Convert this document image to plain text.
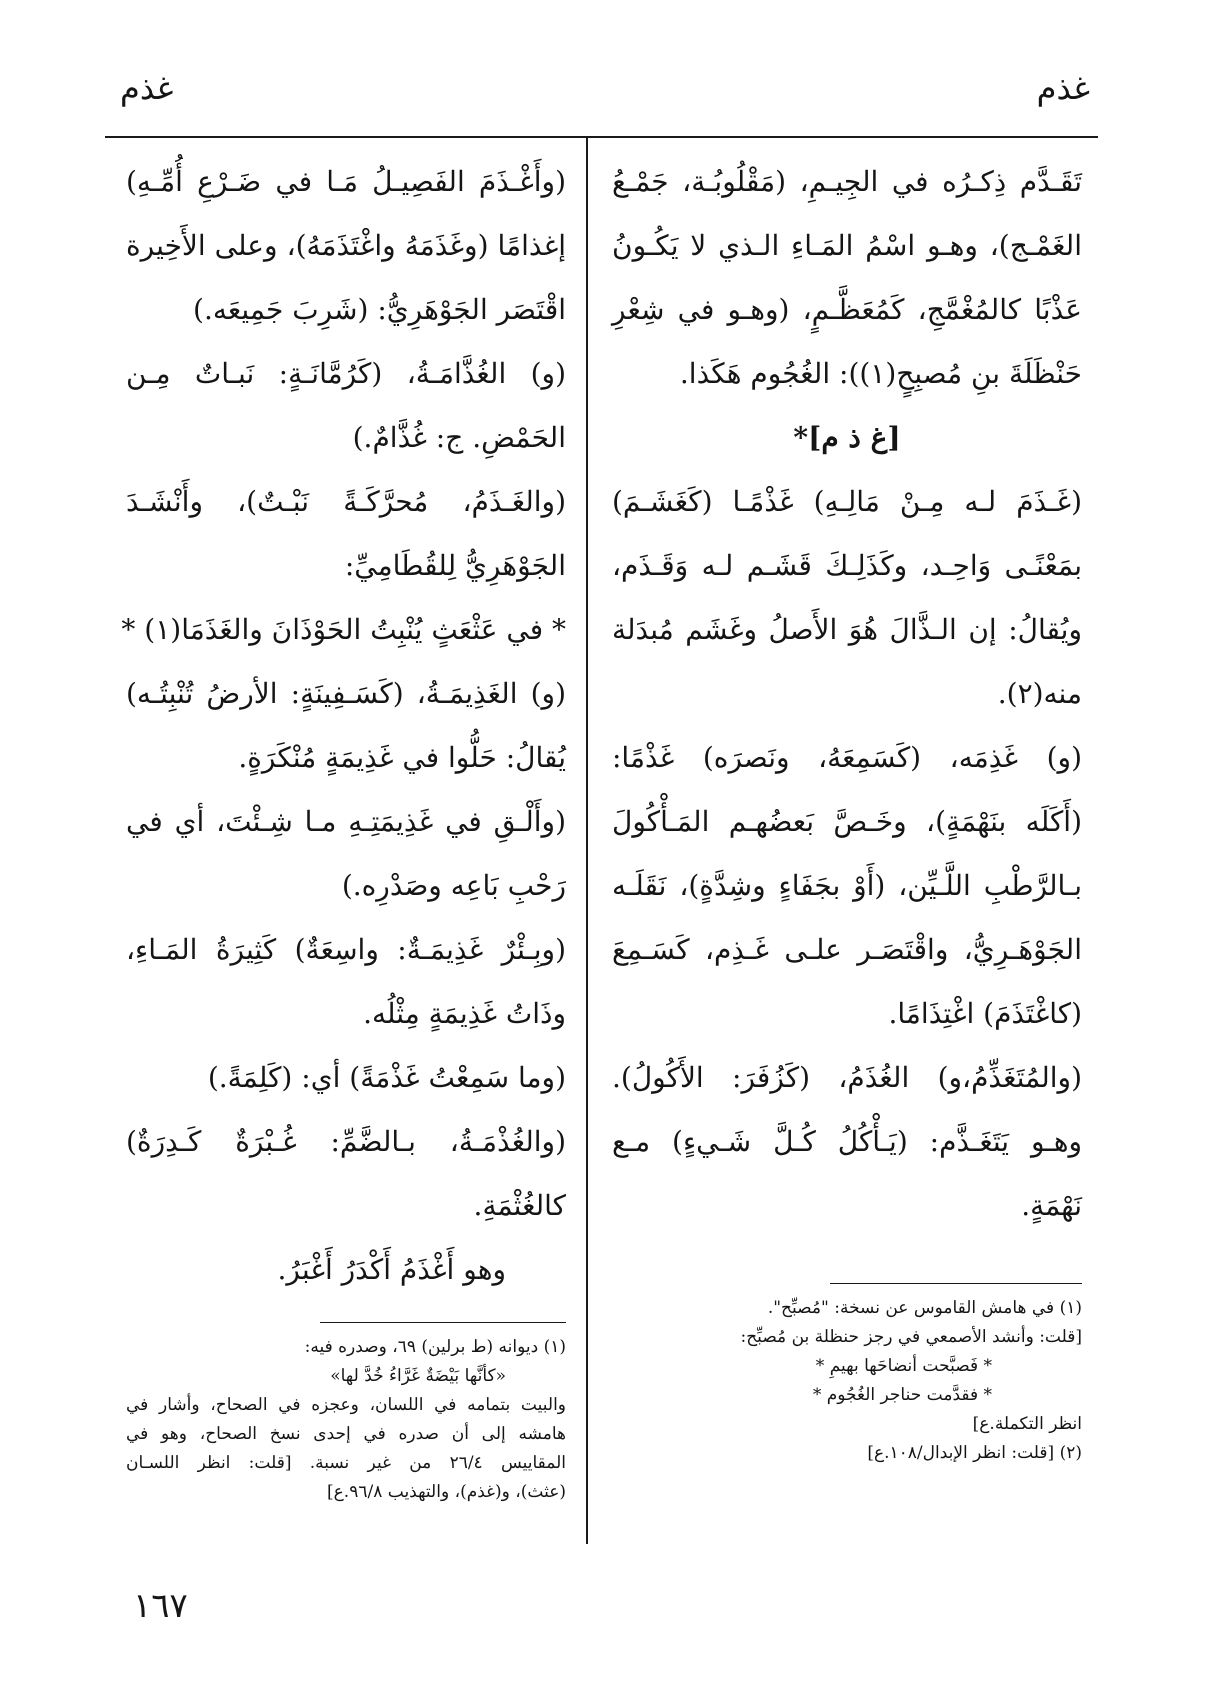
غذم
غذم
تَقَـدَّم ذِكـرُه في الجِيـمِ، (مَقْلُوبُـة، جَمْـعُ
الغَمْـج)، وهـو اسْمُ المَـاءِ الـذي لا يَكُـونُ
عَذْبًا كالمُغْمَّجِ، كَمُعَظَّـمٍ، (وهـو في شِعْرِ
حَنْظَلَةَ بنِ مُصبِحٍ(١)): الغُجُوم هَكَذا.
[غ ذ م]*
(غَـذَمَ لـه مِـنْ مَالِـهِ) غَذْمًـا (كَغَشَـمَ)
بمَعْنًـى وَاحِـد، وكَذَلِـكَ قَشَـم لـه وَقَـذَم،
ويُقالُ: إن الـذَّالَ هُوَ الأَصلُ وغَشَم مُبدَلة
منه(٢).
(و) غَذِمَه، (كَسَمِعَهُ، ونَصرَه) غَذْمًا:
(أَكَلَه بنَهْمَةٍ)، وخَـصَّ بَعضُهـم المَـأْكُولَ
بـالرَّطْبِ اللَّـيِّن، (أَوْ بجَفَاءٍ وشِدَّةٍ)، نَقَلَـه
الجَوْهَـرِيُّ، واقْتَصَـر علـى غَـذِم، كَسَـمِعَ
(كاغْتَذَمَ) اغْتِذَامًا.
(والمُتَغَذِّمُ،و) الغُذَمُ، (كَزُفَرَ: الأَكُولُ).
وهـو يَتَغَـذَّم: (يَـأْكُلُ كُـلَّ شَـيءٍ) مـع
نَهْمَةٍ.
(وأَغْـذَمَ الفَصِيـلُ مَـا في ضَـرْعِ أُمِّـهِ)
إغذامًا (وغَذَمَهُ واغْتَذَمَهُ)، وعلى الأَخِيرة
اقْتَصَر الجَوْهَرِيُّ: (شَرِبَ جَمِيعَه.)
(و) الغُذَّامَـةُ، (كَرُمَّانَـةٍ: نَبـاتٌ مِـن
الحَمْضِ. ج: غُذَّامٌ.)
(والغَـذَمُ، مُحرَّكَـةً نَبْـتٌ)، وأَنْشَـدَ
الجَوْهَرِيُّ لِلقُطَامِيِّ:
* في عَثْعَثٍ يُنْبِتُ الحَوْذَانَ والغَذَمَا(١) *
(و) الغَذِيمَـةُ، (كَسَـفِينَةٍ: الأرضُ تُنْبِتُـه)
يُقالُ: حَلُّوا في غَذِيمَةٍ مُنْكَرَةٍ.
(وأَلْـقِ في غَذِيمَتِـهِ مـا شِـئْتَ، أي في
رَحْبِ بَاعِه وصَدْرِه.)
(وبِـئْرٌ غَذِيمَـةٌ: واسِعَةٌ) كَثِيرَةُ المَـاءِ،
وذَاتُ غَذِيمَةٍ مِثْلُه.
(وما سَمِعْتُ غَذْمَةً) أي: (كَلِمَةً.)
(والغُذْمَـةُ، بـالضَّمِّ: غُـبْرَةٌ كَـدِرَةٌ)
كالغُثْمَةِ.
وهو أَغْذَمُ أَكْدَرُ أَغْبَرُ.
(١) في هامش القاموس عن نسخة: "مُصبِّح".
[قلت: وأنشد الأصمعي في رجز حنظلة بن مُصبِّح:
* فَصبَّحت أنضاحَها بهيمِ *
* فقدَّمت حناجر الغُجُوم *
انظر التكملة.ع]
(٢) [قلت: انظر الإبدال/١٠٨.ع]
(١) ديوانه (ط برلين) ٦٩، وصدره فيه:
«كأنَّها بَيْضَةٌ غَرَّاءُ خُدَّ لها»
والبيت بتمامه في اللسان، وعجزه في الصحاح، وأشار في
هامشه إلى أن صدره في إحدى نسخ الصحاح، وهو في
المقاييس ٢٦/٤ من غير نسبة. [قلت: انظر اللسـان
(عثث)، و(غذم)، والتهذيب ٩٦/٨.ع]
١٦٧
